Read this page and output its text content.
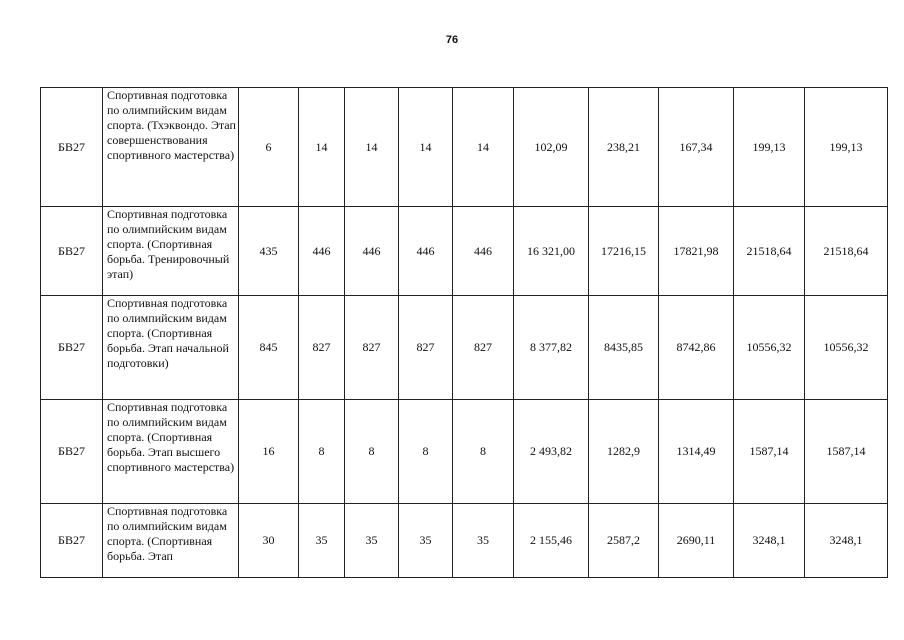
76
БВ27	Спортивная подготовка по олимпийским видам спорта. (Тхэквондо. Этап совершенствования спортивного мастерства)	6	14	14	14	14	102,09	238,21	167,34	199,13	199,13
БВ27	Спортивная подготовка по олимпийским видам спорта. (Спортивная борьба. Тренировочный этап)	435	446	446	446	446	16 321,00	17216,15	17821,98	21518,64	21518,64
БВ27	Спортивная подготовка по олимпийским видам спорта. (Спортивная борьба. Этап начальной подготовки)	845	827	827	827	827	8 377,82	8435,85	8742,86	10556,32	10556,32
БВ27	Спортивная подготовка по олимпийским видам спорта. (Спортивная борьба. Этап высшего спортивного мастерства)	16	8	8	8	8	2 493,82	1282,9	1314,49	1587,14	1587,14
БВ27	Спортивная подготовка по олимпийским видам спорта. (Спортивная борьба. Этап	30	35	35	35	35	2 155,46	2587,2	2690,11	3248,1	3248,1
